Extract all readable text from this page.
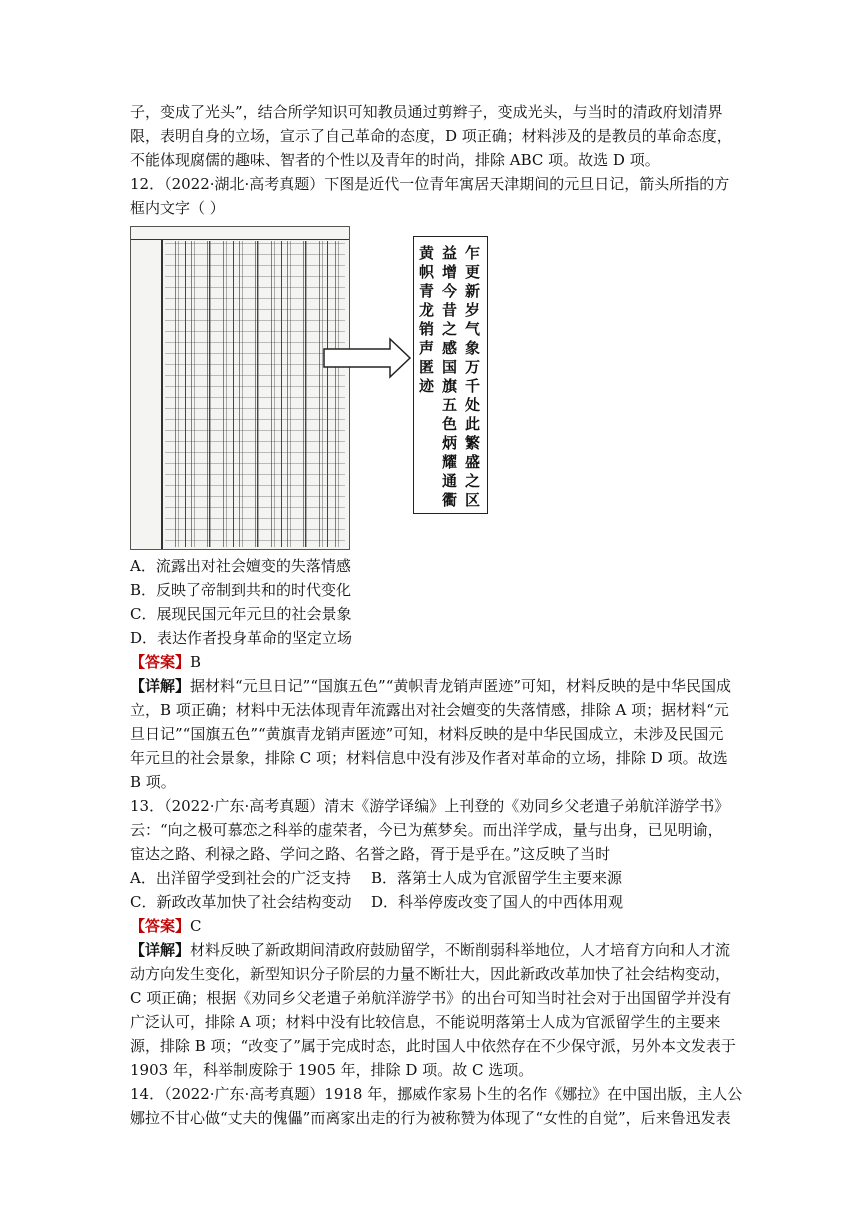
子，变成了光头”，结合所学知识可知教员通过剪辫子，变成光头，与当时的清政府划清界
限，表明自身的立场，宣示了自己革命的态度，D 项正确；材料涉及的是教员的革命态度，
不能体现腐儒的趣味、智者的个性以及青年的时尚，排除 ABC 项。故选 D 项。
12．（2022·湖北·高考真题）下图是近代一位青年寓居天津期间的元旦日记，箭头所指的方
框内文字（ ）
乍更新岁气象万千处此繁盛之区
益增今昔之感国旗五色炳耀通衢
黄帜青龙销声匿迹
A．流露出对社会嬗变的失落情感
B．反映了帝制到共和的时代变化
C．展现民国元年元旦的社会景象
D．表达作者投身革命的坚定立场
【答案】B
【详解】据材料“元旦日记”“国旗五色”“黄帜青龙销声匿迹”可知，材料反映的是中华民国成
立，B 项正确；材料中无法体现青年流露出对社会嬗变的失落情感，排除 A 项；据材料“元
旦日记”“国旗五色”“黄旗青龙销声匿迹”可知，材料反映的是中华民国成立，未涉及民国元
年元旦的社会景象，排除 C 项；材料信息中没有涉及作者对革命的立场，排除 D 项。故选
B 项。
13．（2022·广东·高考真题）清末《游学译编》上刊登的《劝同乡父老遣子弟航洋游学书》
云：“向之极可慕恋之科举的虚荣者，今已为蕉梦矣。而出洋学成，量与出身，已见明谕，
宦达之路、利禄之路、学问之路、名誉之路，胥于是乎在。”这反映了当时
A．出洋留学受到社会的广泛支持 B．落第士人成为官派留学生主要来源
C．新政改革加快了社会结构变动 D．科举停废改变了国人的中西体用观
【答案】C
【详解】材料反映了新政期间清政府鼓励留学，不断削弱科举地位，人才培育方向和人才流
动方向发生变化，新型知识分子阶层的力量不断壮大，因此新政改革加快了社会结构变动，
C 项正确；根据《劝同乡父老遣子弟航洋游学书》的出台可知当时社会对于出国留学并没有
广泛认可，排除 A 项；材料中没有比较信息，不能说明落第士人成为官派留学生的主要来
源，排除 B 项；“改变了”属于完成时态，此时国人中依然存在不少保守派，另外本文发表于
1903 年，科举制废除于 1905 年，排除 D 项。故 C 选项。
14．（2022·广东·高考真题）1918 年，挪威作家易卜生的名作《娜拉》在中国出版，主人公
娜拉不甘心做“丈夫的傀儡”而离家出走的行为被称赞为体现了“女性的自觉”，后来鲁迅发表
